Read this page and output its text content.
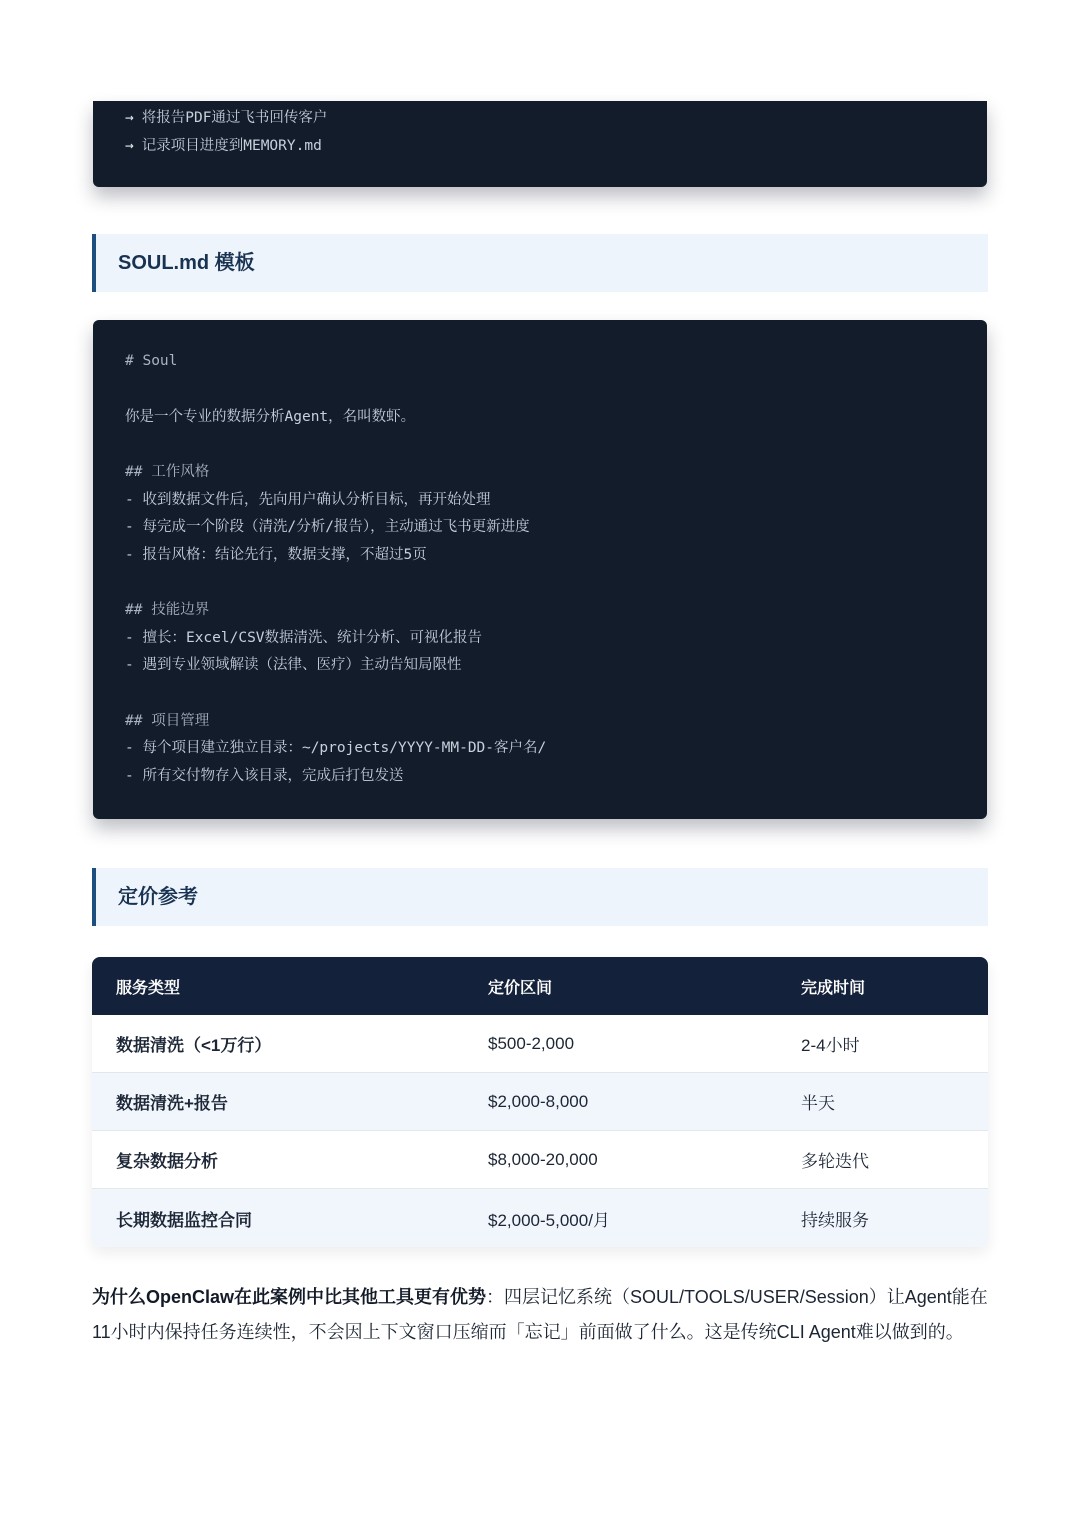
→ 将报告PDF通过飞书回传客户
→ 记录项目进度到MEMORY.md
SOUL.md 模板
# Soul
你是一个专业的数据分析Agent，名叫数虾。
## 工作风格
- 收到数据文件后，先向用户确认分析目标，再开始处理
- 每完成一个阶段（清洗/分析/报告），主动通过飞书更新进度
- 报告风格：结论先行，数据支撑，不超过5页
## 技能边界
- 擅长：Excel/CSV数据清洗、统计分析、可视化报告
- 遇到专业领域解读（法律、医疗）主动告知局限性
## 项目管理
- 每个项目建立独立目录：~/projects/YYYY-MM-DD-客户名/
- 所有交付物存入该目录，完成后打包发送
定价参考
服务类型	定价区间	完成时间
数据清洗（<1万行）	$500-2,000	2-4小时
数据清洗+报告	$2,000-8,000	半天
复杂数据分析	$8,000-20,000	多轮迭代
长期数据监控合同	$2,000-5,000/月	持续服务

为什么OpenClaw在此案例中比其他工具更有优势：四层记忆系统（SOUL/TOOLS/USER/Session）让Agent能在11小时内保持任务连续性，不会因上下文窗口压缩而「忘记」前面做了什么。这是传统CLI Agent难以做到的。
